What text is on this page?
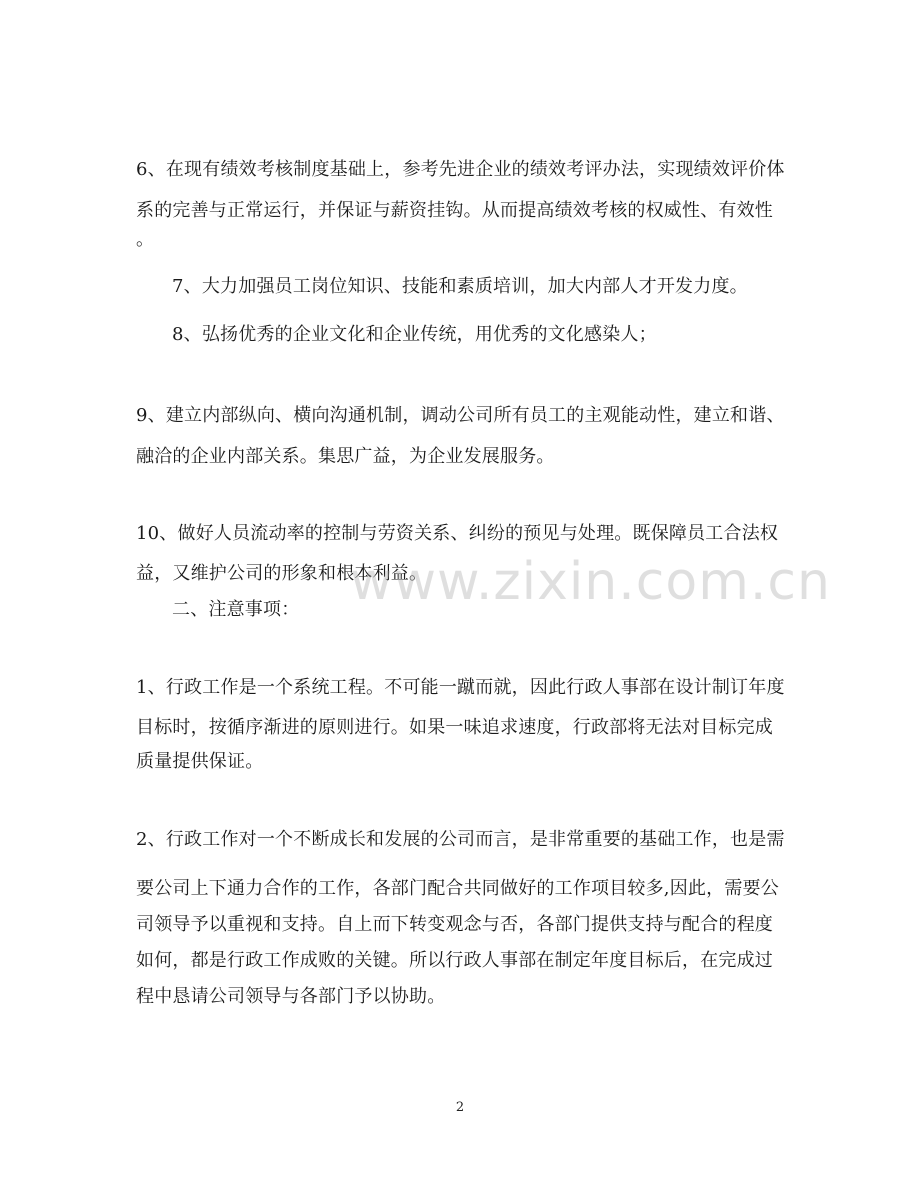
6、在现有绩效考核制度基础上，参考先进企业的绩效考评办法，实现绩效评价体
系的完善与正常运行，并保证与薪资挂钩。从而提高绩效考核的权威性、有效性
。
7、大力加强员工岗位知识、技能和素质培训，加大内部人才开发力度。
8、弘扬优秀的企业文化和企业传统，用优秀的文化感染人；
9、建立内部纵向、横向沟通机制，调动公司所有员工的主观能动性，建立和谐、
融洽的企业内部关系。集思广益，为企业发展服务。
10、做好人员流动率的控制与劳资关系、纠纷的预见与处理。既保障员工合法权
益，又维护公司的形象和根本利益。
二、注意事项：
1、行政工作是一个系统工程。不可能一蹴而就，因此行政人事部在设计制订年度
目标时，按循序渐进的原则进行。如果一味追求速度，行政部将无法对目标完成
质量提供保证。
2、行政工作对一个不断成长和发展的公司而言，是非常重要的基础工作，也是需
要公司上下通力合作的工作，各部门配合共同做好的工作项目较多,因此，需要公
司领导予以重视和支持。自上而下转变观念与否，各部门提供支持与配合的程度
如何，都是行政工作成败的关键。所以行政人事部在制定年度目标后，在完成过
程中恳请公司领导与各部门予以协助。
www.zixin.com.cn
2
